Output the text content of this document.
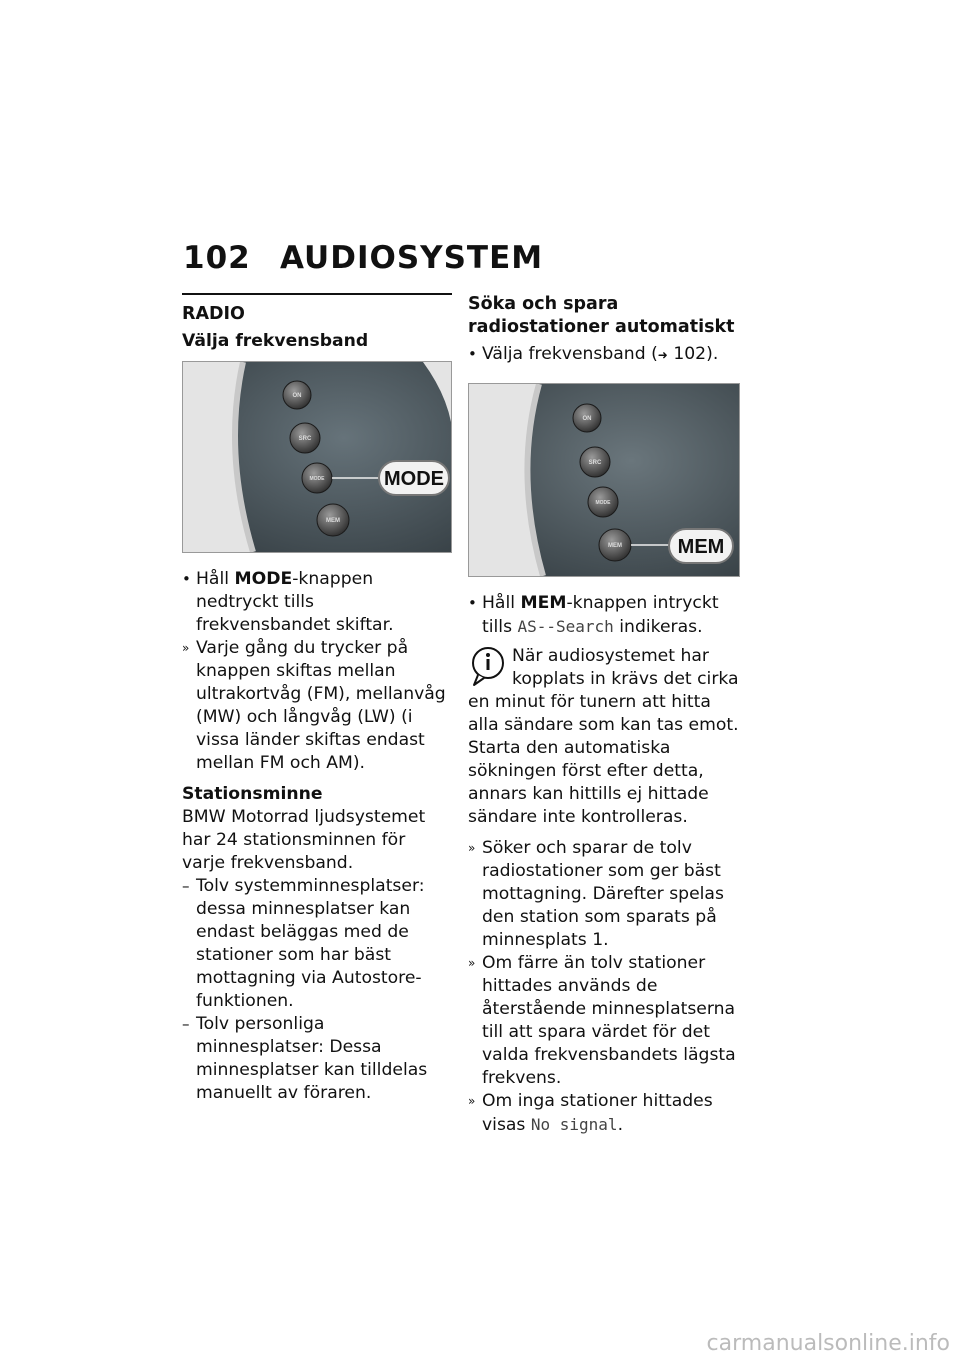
102 AUDIOSYSTEM
RADIO
Välja frekvensband
ON
SRC
MODE
MEM
MODE
• Håll MODE-knappen nedtryckt tills frekvensbandet skiftar.
» Varje gång du trycker på knappen skiftas mellan ultrakortvåg (FM), mellanvåg (MW) och långvåg (LW) (i vissa länder skiftas endast mellan FM och AM).
Stationsminne

BMW Motorrad ljudsystemet har 24 stationsminnen för varje frekvensband.

– Tolv systemminnesplatser: dessa minnesplatser kan endast beläggas med de stationer som har bäst mottagning via Autostore-funktionen.
– Tolv personliga minnesplatser: Dessa minnesplatser kan tilldelas manuellt av föraren.
Söka och spara radiostationer automatiskt
• Välja frekvensband (➜ 102).
ON
SRC
MODE
MEM	MEM
• Håll MEM-knappen intryckt tills AS--Search indikeras.

När audiosystemet har kopplats in krävs det cirka en minut för tunern att hitta alla sändare som kan tas emot. Starta den automatiska sökningen först efter detta, annars kan hittills ej hittade sändare inte kontrolleras.

» Söker och sparar de tolv radiostationer som ger bäst mottagning. Därefter spelas den station som sparats på minnesplats 1.
» Om färre än tolv stationer hittades används de återstående minnesplatserna till att spara värdet för det valda frekvensbandets lägsta frekvens.
» Om inga stationer hittades visas No signal.
carmanualsonline.info
